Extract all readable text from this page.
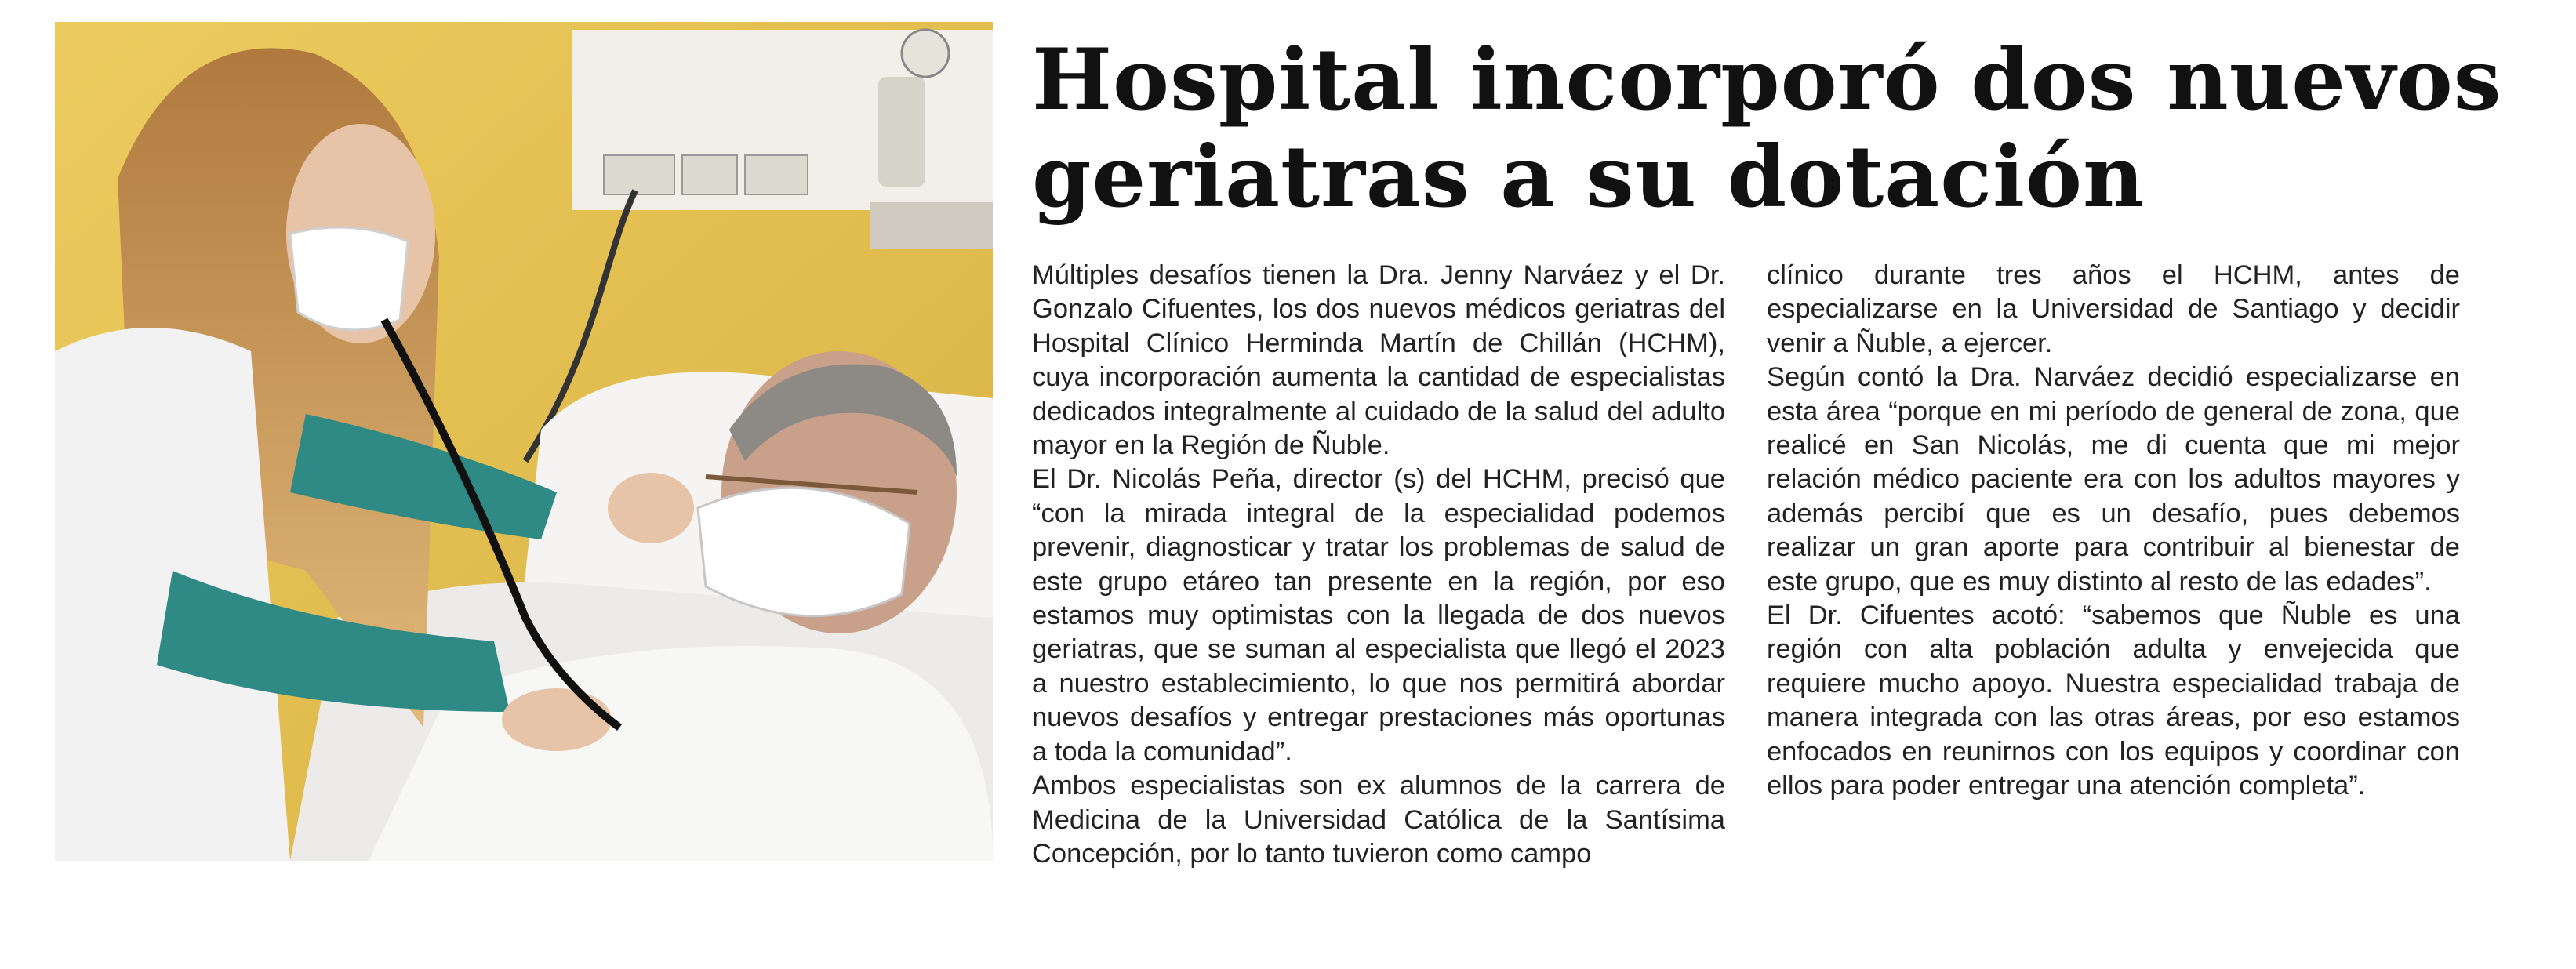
Hospital incorporó dos nuevos geriatras a su dotación

Múltiples desafíos tienen la Dra. Jenny Narváez y el Dr. Gonzalo Cifuentes, los dos nuevos médicos geriatras del Hospital Clínico Herminda Martín de Chillán (HCHM), cuya incorporación aumenta la cantidad de especialistas dedicados integralmente al cuidado de la salud del adulto mayor en la Región de Ñuble.

El Dr. Nicolás Peña, director (s) del HCHM, precisó que “con la mirada integral de la especialidad podemos prevenir, diagnosticar y tratar los problemas de salud de este grupo etáreo tan presente en la región, por eso estamos muy optimistas con la llegada de dos nuevos geriatras, que se suman al especialista que llegó el 2023 a nuestro establecimiento, lo que nos permitirá abordar nuevos desafíos y entregar prestaciones más oportunas a toda la comunidad”.

Ambos especialistas son ex alumnos de la carrera de Medicina de la Universidad Católica de la Santísima Concepción, por lo tanto tuvieron como campo

clínico durante tres años el HCHM, antes de especializarse en la Universidad de Santiago y decidir venir a Ñuble, a ejercer.

Según contó la Dra. Narváez decidió especializarse en esta área “porque en mi período de general de zona, que realicé en San Nicolás, me di cuenta que mi mejor relación médico paciente era con los adultos mayores y además percibí que es un desafío, pues debemos realizar un gran aporte para contribuir al bienestar de este grupo, que es muy distinto al resto de las edades”.

El Dr. Cifuentes acotó: “sabemos que Ñuble es una región con alta población adulta y envejecida que requiere mucho apoyo. Nuestra especialidad trabaja de manera integrada con las otras áreas, por eso estamos enfocados en reunirnos con los equipos y coordinar con ellos para poder entregar una atención completa”.
